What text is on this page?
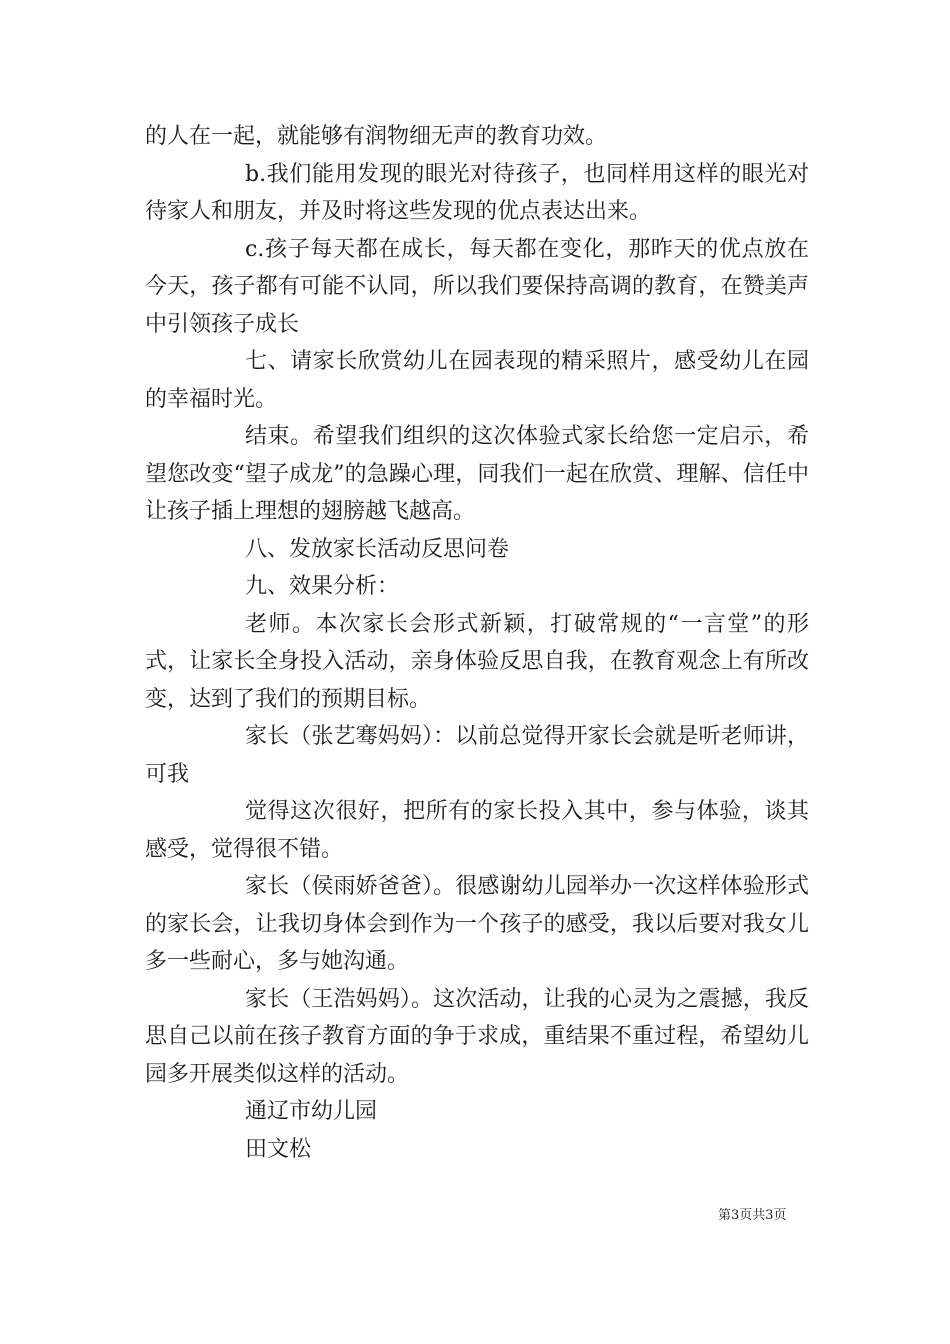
的人在一起，就能够有润物细无声的教育功效。

b.我们能用发现的眼光对待孩子，也同样用这样的眼光对待家人和朋友，并及时将这些发现的优点表达出来。

c.孩子每天都在成长，每天都在变化，那昨天的优点放在今天，孩子都有可能不认同，所以我们要保持高调的教育，在赞美声中引领孩子成长

七、请家长欣赏幼儿在园表现的精采照片，感受幼儿在园的幸福时光。

结束。希望我们组织的这次体验式家长给您一定启示，希望您改变“望子成龙”的急躁心理，同我们一起在欣赏、理解、信任中让孩子插上理想的翅膀越飞越高。

八、发放家长活动反思问卷

九、效果分析：

老师。本次家长会形式新颖，打破常规的“一言堂”的形式，让家长全身投入活动，亲身体验反思自我，在教育观念上有所改变，达到了我们的预期目标。

家长（张艺骞妈妈）：以前总觉得开家长会就是听老师讲，可我

觉得这次很好，把所有的家长投入其中，参与体验，谈其感受，觉得很不错。

家长（侯雨娇爸爸）。很感谢幼儿园举办一次这样体验形式的家长会，让我切身体会到作为一个孩子的感受，我以后要对我女儿多一些耐心，多与她沟通。

家长（王浩妈妈）。这次活动，让我的心灵为之震撼，我反思自己以前在孩子教育方面的争于求成，重结果不重过程，希望幼儿园多开展类似这样的活动。

通辽市幼儿园

田文松

第3页共3页
